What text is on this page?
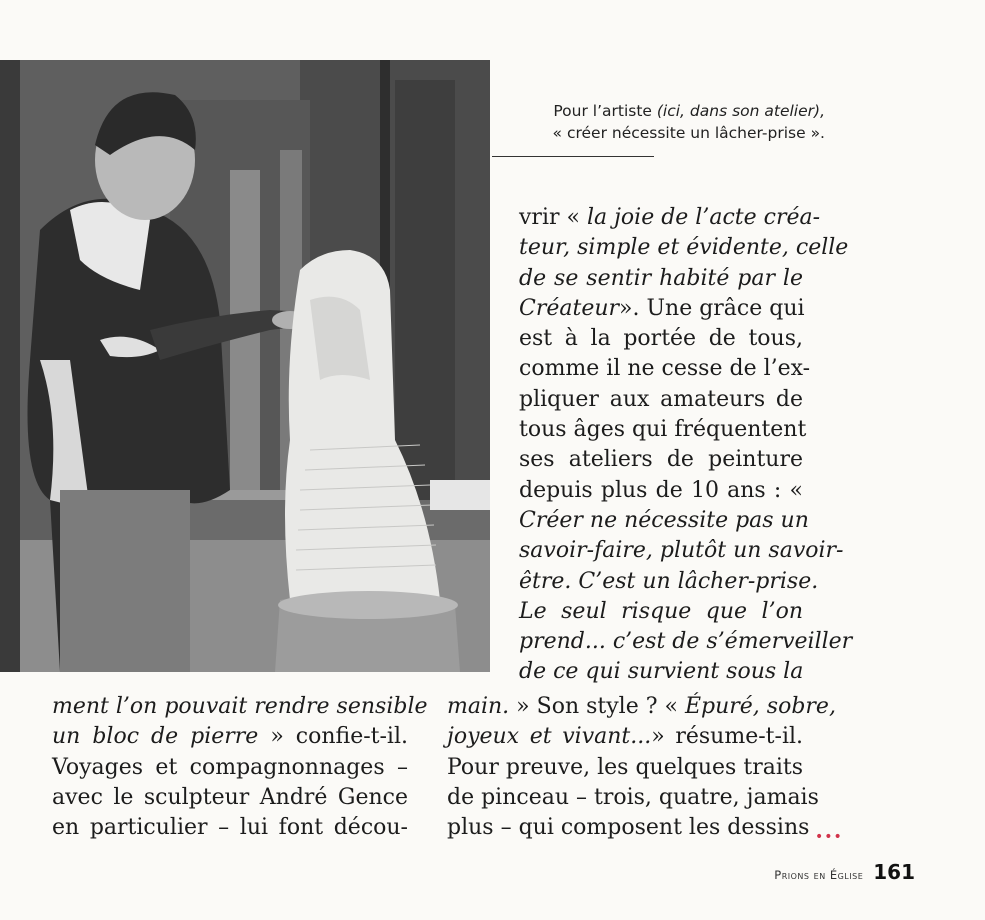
Pour l’artiste (ici, dans son atelier),
« créer nécessite un lâcher-prise ».
vrir « la joie de l’acte créa-
teur, simple et évidente, celle
de se sentir habité par le
Créateur». Une grâce qui
est à la portée de tous,
comme il ne cesse de l’ex-
pliquer aux amateurs de
tous âges qui fréquentent
ses ateliers de peinture
depuis plus de 10 ans : «
Créer ne nécessite pas un
savoir-faire, plutôt un savoir-
être. C’est un lâcher-prise.
Le seul risque que l’on
prend... c’est de s’émerveiller
de ce qui survient sous la
main. » Son style ? « Épuré, sobre,
joyeux et vivant...» résume-t-il.
Pour preuve, les quelques traits
de pinceau – trois, quatre, jamais
plus – qui composent les dessins
ment l’on pouvait rendre sensible
un bloc de pierre » confie-t-il.
Voyages et compagnonnages –
avec le sculpteur André Gence
en particulier – lui font décou-	•••
Prions en Église 161
